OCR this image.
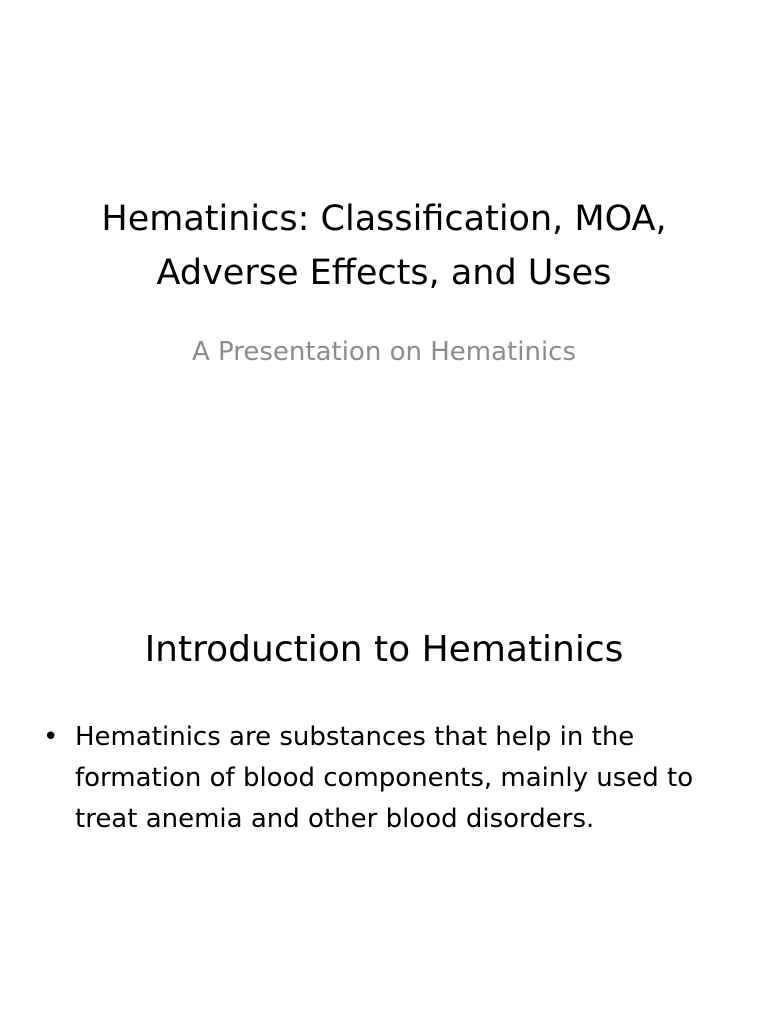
Hematinics: Classification, MOA, Adverse Effects, and Uses

A Presentation on Hematinics

Introduction to Hematinics
• Hematinics are substances that help in the formation of blood components, mainly used to treat anemia and other blood disorders.
